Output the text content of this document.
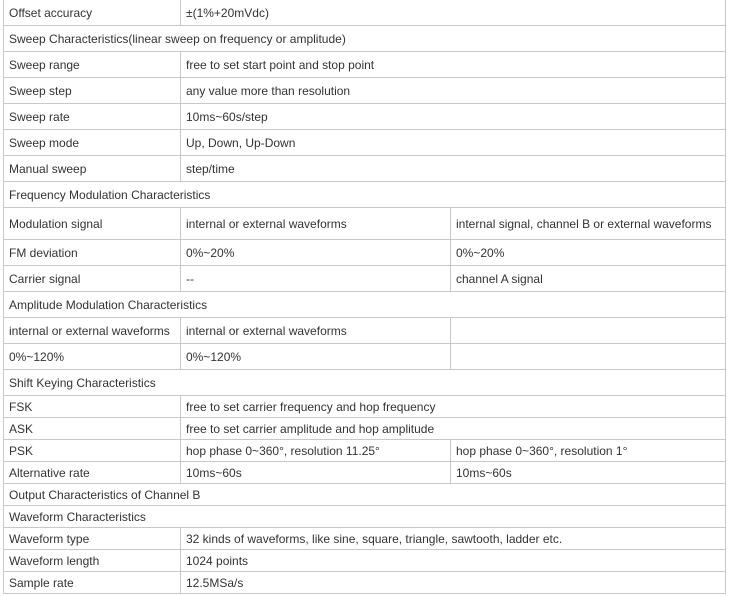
Offset accuracy	±(1%+20mVdc)	
Sweep Characteristics(linear sweep on frequency or amplitude)		
Sweep range	free to set start point and stop point	
Sweep step	any value more than resolution	
Sweep rate	10ms~60s/step	
Sweep mode	Up, Down, Up-Down	
Manual sweep	step/time	
Frequency Modulation Characteristics		
Modulation signal	internal or external waveforms	internal signal, channel B or external waveforms
FM deviation	0%~20%	0%~20%
Carrier signal	--	channel A signal
Amplitude Modulation Characteristics		
internal or external waveforms	internal or external waveforms	
0%~120%	0%~120%	
Shift Keying Characteristics		
FSK	free to set carrier frequency and hop frequency	
ASK	free to set carrier amplitude and hop amplitude	
PSK	hop phase 0~360°, resolution 11.25°	hop phase 0~360°, resolution 1°
Alternative rate	10ms~60s	10ms~60s
Output Characteristics of Channel B		
Waveform Characteristics		
Waveform type	32 kinds of waveforms, like sine, square, triangle, sawtooth, ladder etc.	
Waveform length	1024 points	
Sample rate	12.5MSa/s	
